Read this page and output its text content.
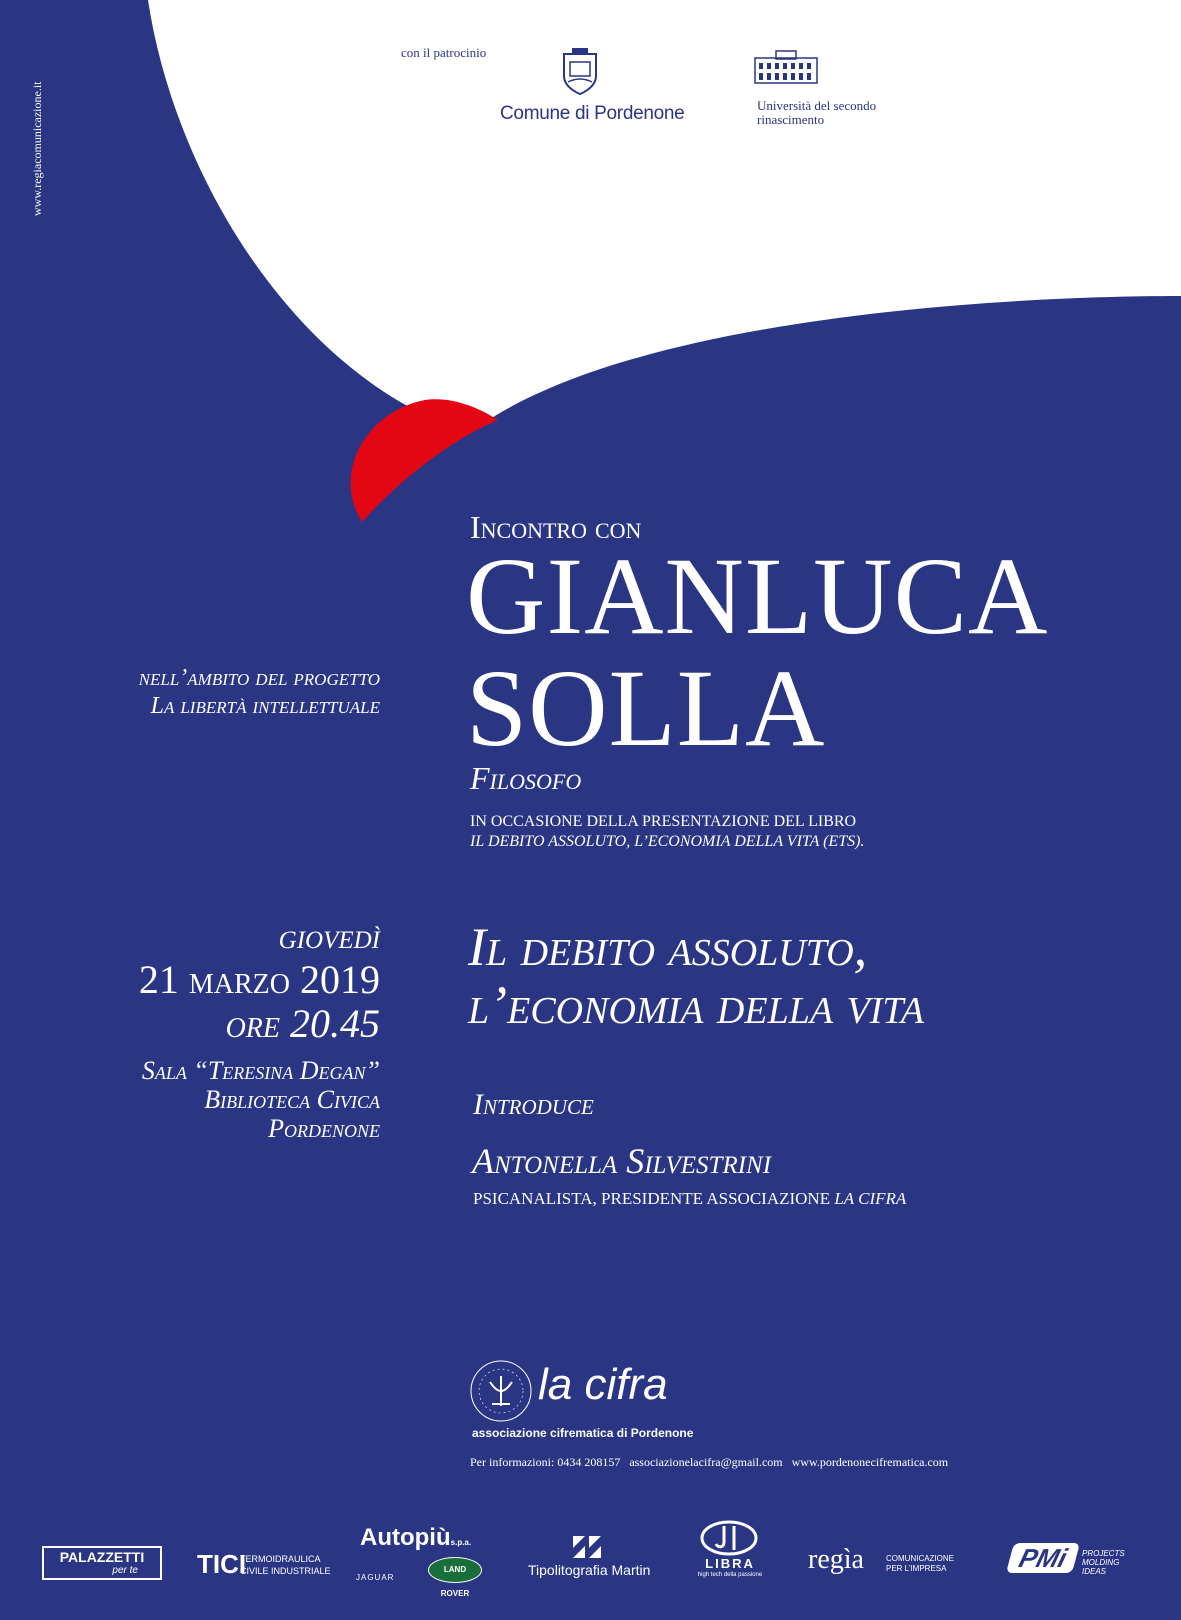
www.regiacomunicazione.it
con il patrocinio
Comune di Pordenone	Università del secondo
rinascimento
nell’ambito del progetto
La libertà intellettuale
Incontro con
GIANLUCA
SOLLA
Filosofo
IN OCCASIONE DELLA PRESENTAZIONE DEL LIBRO
IL DEBITO ASSOLUTO, L’ECONOMIA DELLA VITA (ETS).
giovedì
21 marzo 2019
ore 20.45
Sala “Teresina Degan”
Biblioteca Civica
Pordenone
Il debito assoluto,
l’economia della vita
Introduce
Antonella Silvestrini
PSICANALISTA, PRESIDENTE ASSOCIAZIONE LA CIFRA
la cifra
associazione cifrematica di Pordenone
Per informazioni: 0434 208157 associazionelacifra@gmail.com www.pordenonecifrematica.com
PALAZZETTI
per te	TICI
TERMOIDRAULICA
CIVILE INDUSTRIALE
Autopiùs.p.a.
JAGUAR
LAND ROVER
Tipolitografia Martin	LIBRA
high tech della passione regìa	COMUNICAZIONE
PER L’IMPRESA	PMi	PROJECTS
MOLDING
IDEAS
